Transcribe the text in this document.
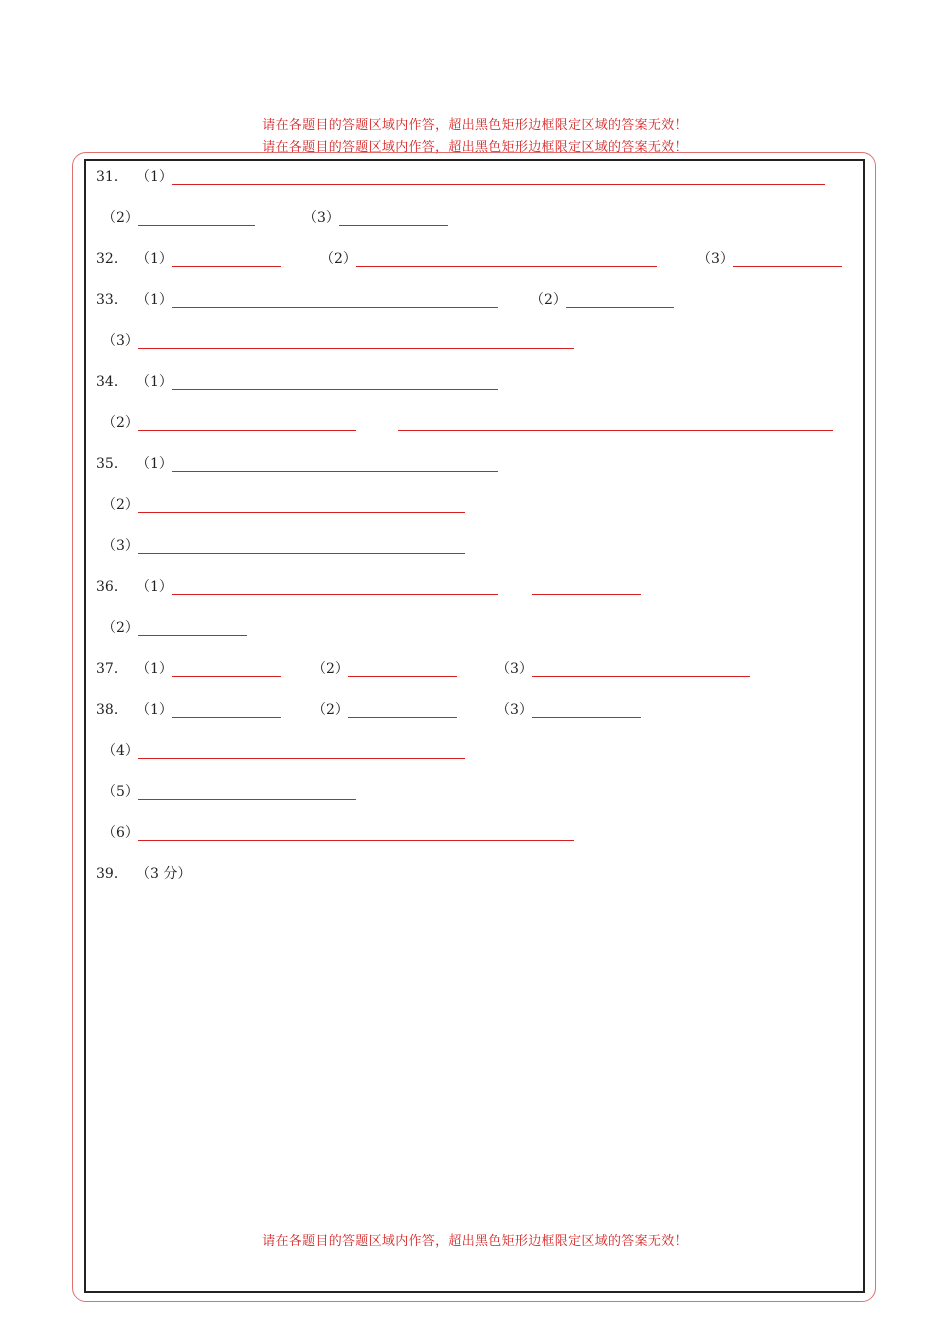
请在各题目的答题区域内作答，超出黑色矩形边框限定区域的答案无效！
请在各题目的答题区域内作答，超出黑色矩形边框限定区域的答案无效！
31． （1）
（2）	（3）
32． （1）	（2）	（3）
33． （1）	（2）
（3）
34． （1）
（2）
35． （1）
（2）
（3）
36． （1）
（2）
37． （1）	（2）	（3）
38． （1）	（2）	（3）
（4）
（5）
（6）
39． （3 分）
请在各题目的答题区域内作答，超出黑色矩形边框限定区域的答案无效！
